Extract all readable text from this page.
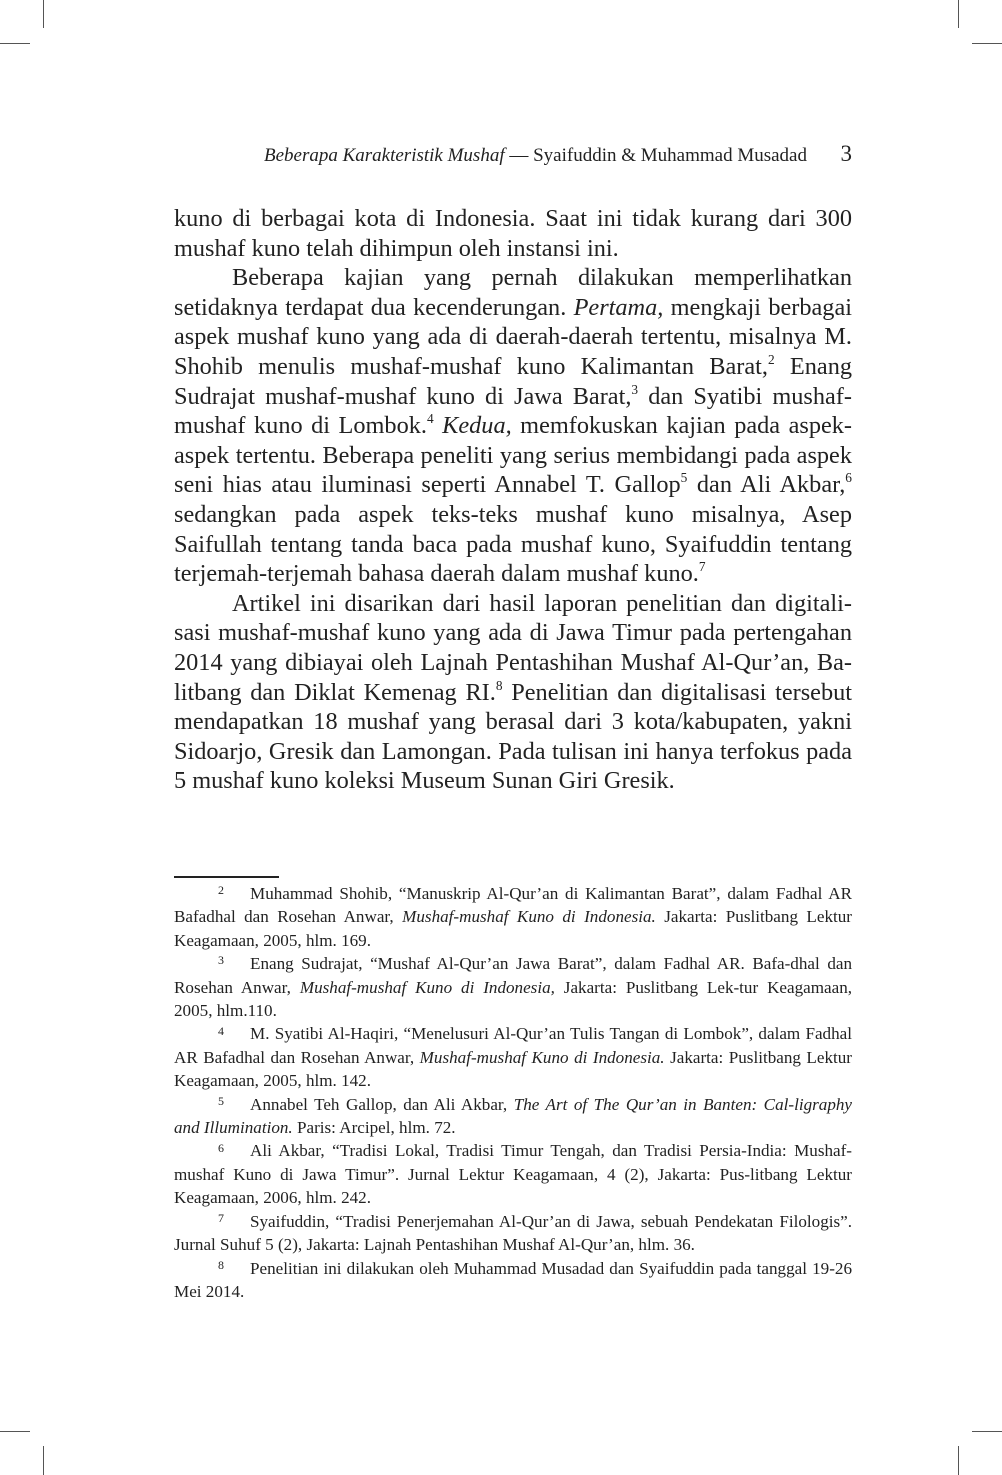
Beberapa Karakteristik Mushaf — Syaifuddin & Muhammad Musadad 3

kuno di berbagai kota di Indonesia. Saat ini tidak kurang dari 300 mushaf kuno telah dihimpun oleh instansi ini.

Beberapa kajian yang pernah dilakukan memperlihatkan setidaknya terdapat dua kecenderungan. Pertama, mengkaji berbagai aspek mushaf kuno yang ada di daerah-daerah tertentu, misalnya M. Shohib menulis mushaf-mushaf kuno Kalimantan Barat,$^2$ Enang Sudrajat mushaf-mushaf kuno di Jawa Barat,$^3$ dan Syatibi mushaf-mushaf kuno di Lombok.$^4$ Kedua, memfokuskan kajian pada aspek-aspek tertentu. Beberapa peneliti yang serius membidangi pada aspek seni hias atau iluminasi seperti Annabel T. Gallop$^5$ dan Ali Akbar,$^6$ sedangkan pada aspek teks-teks mushaf kuno misalnya, Asep Saifullah tentang tanda baca pada mushaf kuno, Syaifuddin tentang terjemah-terjemah bahasa daerah dalam mushaf kuno.$^7$

Artikel ini disarikan dari hasil laporan penelitian dan digitali-sasi mushaf-mushaf kuno yang ada di Jawa Timur pada pertengahan 2014 yang dibiayai oleh Lajnah Pentashihan Mushaf Al-Qur’an, Ba-litbang dan Diklat Kemenag RI.$^8$ Penelitian dan digitalisasi tersebut mendapatkan 18 mushaf yang berasal dari 3 kota/kabupaten, yakni Sidoarjo, Gresik dan Lamongan. Pada tulisan ini hanya terfokus pada 5 mushaf kuno koleksi Museum Sunan Giri Gresik.

2 Muhammad Shohib, “Manuskrip Al-Qur’an di Kalimantan Barat”, dalam Fadhal AR Bafadhal dan Rosehan Anwar, Mushaf-mushaf Kuno di Indonesia. Jakarta: Puslitbang Lektur Keagamaan, 2005, hlm. 169.

3 Enang Sudrajat, “Mushaf Al-Qur’an Jawa Barat”, dalam Fadhal AR. Bafa-dhal dan Rosehan Anwar, Mushaf-mushaf Kuno di Indonesia, Jakarta: Puslitbang Lek-tur Keagamaan, 2005, hlm.110.

4 M. Syatibi Al-Haqiri, “Menelusuri Al-Qur’an Tulis Tangan di Lombok”, dalam Fadhal AR Bafadhal dan Rosehan Anwar, Mushaf-mushaf Kuno di Indonesia. Jakarta: Puslitbang Lektur Keagamaan, 2005, hlm. 142.

5 Annabel Teh Gallop, dan Ali Akbar, The Art of The Qur’an in Banten: Cal-ligraphy and Illumination. Paris: Arcipel, hlm. 72.

6 Ali Akbar, “Tradisi Lokal, Tradisi Timur Tengah, dan Tradisi Persia-India: Mushaf-mushaf Kuno di Jawa Timur”. Jurnal Lektur Keagamaan, 4 (2), Jakarta: Pus-litbang Lektur Keagamaan, 2006, hlm. 242.

7 Syaifuddin, “Tradisi Penerjemahan Al-Qur’an di Jawa, sebuah Pendekatan Filologis”. Jurnal Suhuf 5 (2), Jakarta: Lajnah Pentashihan Mushaf Al-Qur’an, hlm. 36.

8 Penelitian ini dilakukan oleh Muhammad Musadad dan Syaifuddin pada tanggal 19-26 Mei 2014.
